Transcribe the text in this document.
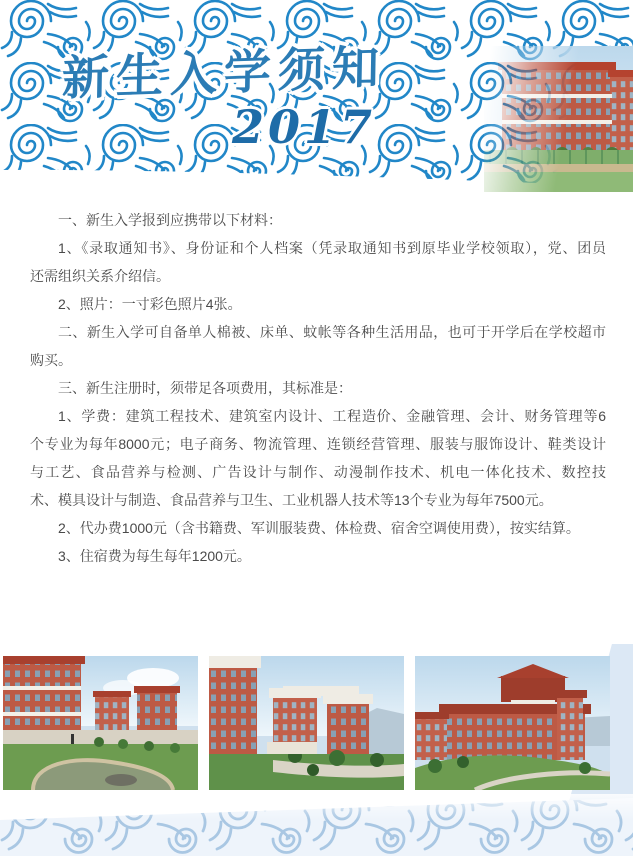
新生入学须知
2017
一、新生入学报到应携带以下材料：
1、《录取通知书》、身份证和个人档案（凭录取通知书到原毕业学校领取），党、团员
还需组织关系介绍信。
2、照片：一寸彩色照片4张。
二、新生入学可自备单人棉被、床单、蚊帐等各种生活用品，也可于开学后在学校超市
购买。
三、新生注册时，须带足各项费用，其标准是：
1、学费：建筑工程技术、建筑室内设计、工程造价、金融管理、会计、财务管理等6
个专业为每年8000元；电子商务、物流管理、连锁经营管理、服装与服饰设计、鞋类设计
与工艺、食品营养与检测、广告设计与制作、动漫制作技术、机电一体化技术、数控技
术、模具设计与制造、食品营养与卫生、工业机器人技术等13个专业为每年7500元。
2、代办费1000元（含书籍费、军训服装费、体检费、宿舍空调使用费），按实结算。
3、住宿费为每生每年1200元。
